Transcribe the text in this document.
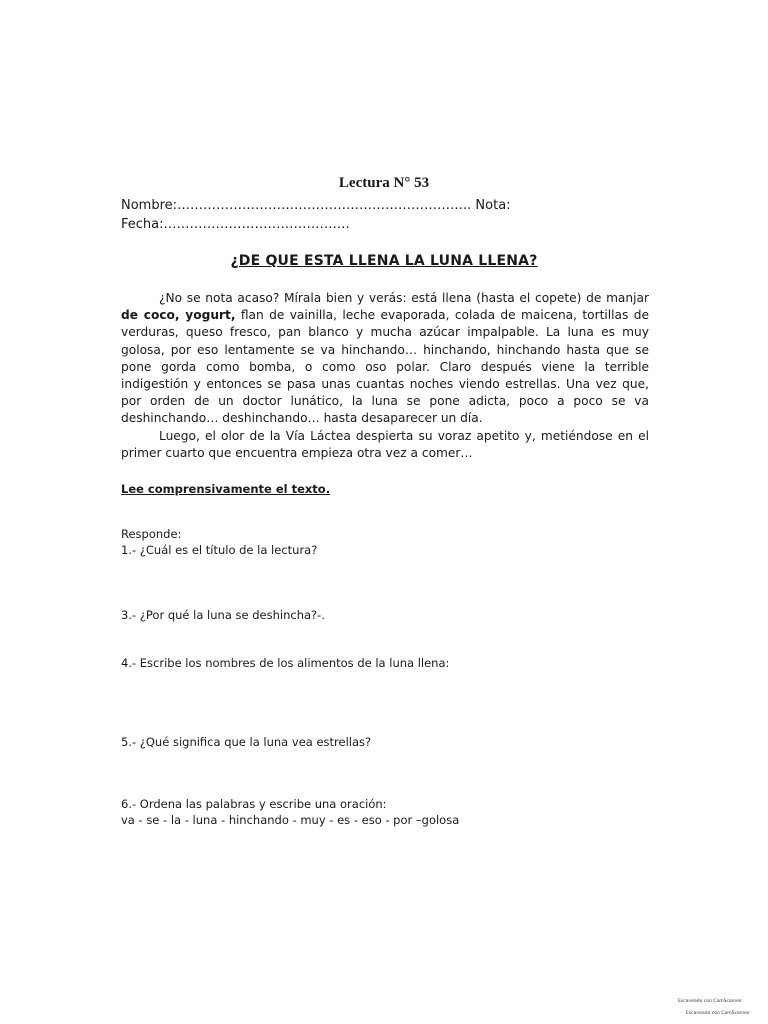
Lectura N° 53
Nombre:………………………………………………………….. Nota:
Fecha:…………………………………….
¿DE QUE ESTA LLENA LA LUNA LLENA?

¿No se nota acaso? Mírala bien y verás: está llena (hasta el copete) de manjar de coco, yogurt, flan de vainilla, leche evaporada, colada de maicena, tortillas de verduras, queso fresco, pan blanco y mucha azúcar impalpable. La luna es muy golosa, por eso lentamente se va hinchando… hinchando, hinchando hasta que se pone gorda como bomba, o como oso polar. Claro después viene la terrible indigestión y entonces se pasa unas cuantas noches viendo estrellas. Una vez que, por orden de un doctor lunático, la luna se pone adicta, poco a poco se va deshinchando… deshinchando… hasta desaparecer un día.

Luego, el olor de la Vía Láctea despierta su voraz apetito y, metiéndose en el primer cuarto que encuentra empieza otra vez a comer…

Lee comprensivamente el texto.
Responde:
1.- ¿Cuál es el título de la lectura?
3.- ¿Por qué la luna se deshincha?-.
4.- Escribe los nombres de los alimentos de la luna llena:
5.- ¿Qué significa que la luna vea estrellas?
6.- Ordena las palabras y escribe una oración:
va - se - la - luna - hinchando - muy - es - eso - por –golosa
Escaneado con CamScanner
Escaneado con CamScanner
